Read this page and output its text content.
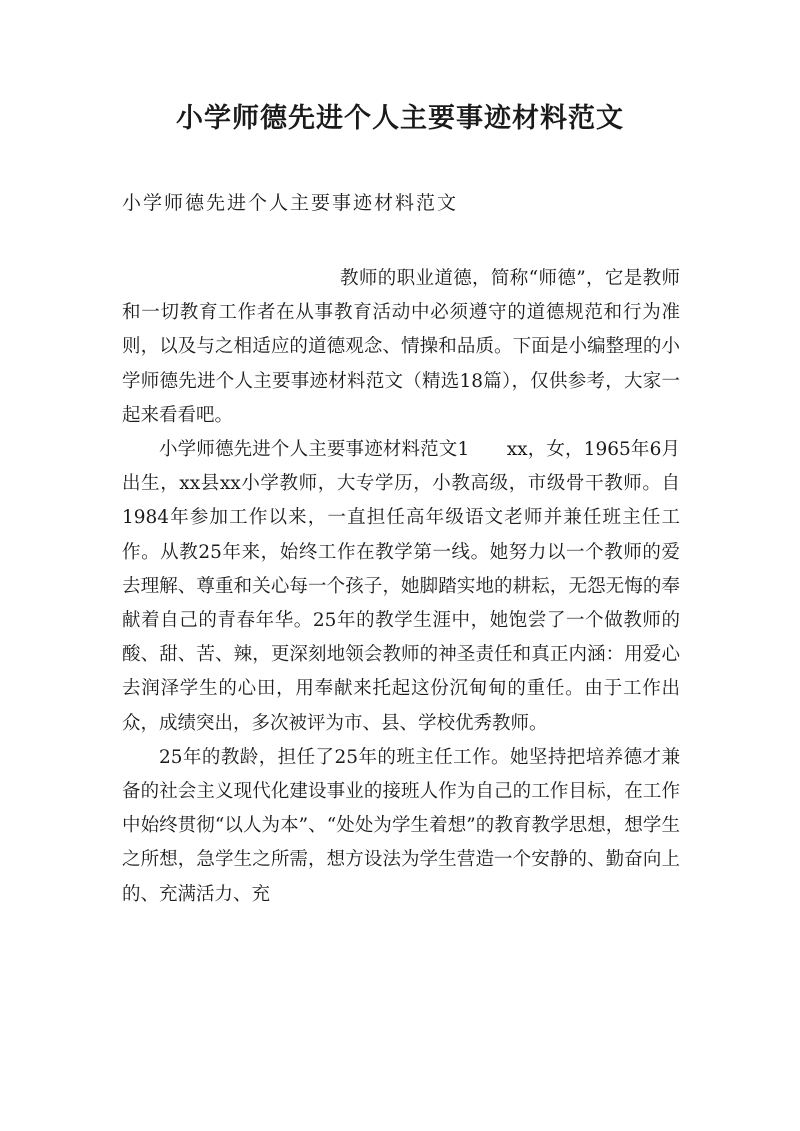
小学师德先进个人主要事迹材料范文
小学师德先进个人主要事迹材料范文

教师的职业道德，简称“师德”，它是教师和一切教育工作者在从事教育活动中必须遵守的道德规范和行为准则，以及与之相适应的道德观念、情操和品质。下面是小编整理的小学师德先进个人主要事迹材料范文（精选18篇），仅供参考，大家一起来看看吧。

小学师德先进个人主要事迹材料范文1　　xx，女，1965年6月出生，xx县xx小学教师，大专学历，小教高级，市级骨干教师。自1984年参加工作以来，一直担任高年级语文老师并兼任班主任工作。从教25年来，始终工作在教学第一线。她努力以一个教师的爱去理解、尊重和关心每一个孩子，她脚踏实地的耕耘，无怨无悔的奉献着自己的青春年华。25年的教学生涯中，她饱尝了一个做教师的酸、甜、苦、辣，更深刻地领会教师的神圣责任和真正内涵：用爱心去润泽学生的心田，用奉献来托起这份沉甸甸的重任。由于工作出众，成绩突出，多次被评为市、县、学校优秀教师。

25年的教龄，担任了25年的班主任工作。她坚持把培养德才兼备的社会主义现代化建设事业的接班人作为自己的工作目标，在工作中始终贯彻“以人为本”、“处处为学生着想”的教育教学思想，想学生之所想，急学生之所需，想方设法为学生营造一个安静的、勤奋向上的、充满活力、充
